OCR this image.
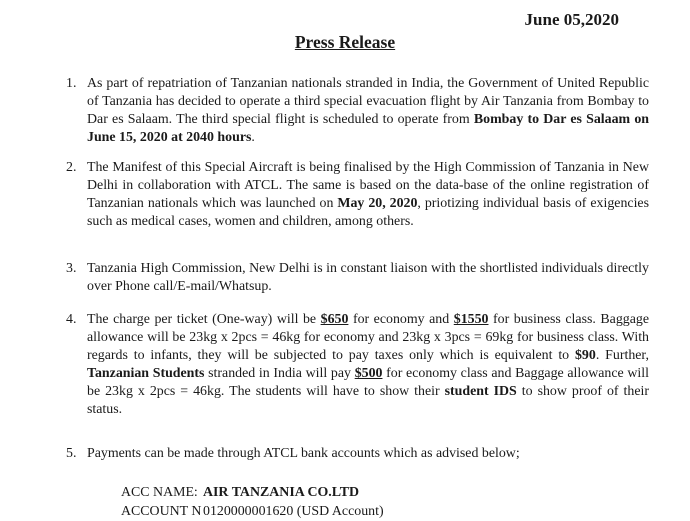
June 05,2020
Press Release
1. As part of repatriation of Tanzanian nationals stranded in India, the Government of United Republic of Tanzania has decided to operate a third special evacuation flight by Air Tanzania from Bombay to Dar es Salaam. The third special flight is scheduled to operate from Bombay to Dar es Salaam on June 15, 2020 at 2040 hours.
2. The Manifest of this Special Aircraft is being finalised by the High Commission of Tanzania in New Delhi in collaboration with ATCL. The same is based on the data-base of the online registration of Tanzanian nationals which was launched on May 20, 2020, priotizing individual basis of exigencies such as medical cases, women and children, among others.
3. Tanzania High Commission, New Delhi is in constant liaison with the shortlisted individuals directly over Phone call/E-mail/Whatsup.
4. The charge per ticket (One-way) will be $650 for economy and $1550 for business class. Baggage allowance will be 23kg x 2pcs = 46kg for economy and 23kg x 3pcs = 69kg for business class. With regards to infants, they will be subjected to pay taxes only which is equivalent to $90. Further, Tanzanian Students stranded in India will pay $500 for economy class and Baggage allowance will be 23kg x 2pcs = 46kg. The students will have to show their student IDS to show proof of their status.
5. Payments can be made through ATCL bank accounts which as advised below;
ACC NAME: AIR TANZANIA CO.LTD
ACCOUNT N 0120000001620 (USD Account)
